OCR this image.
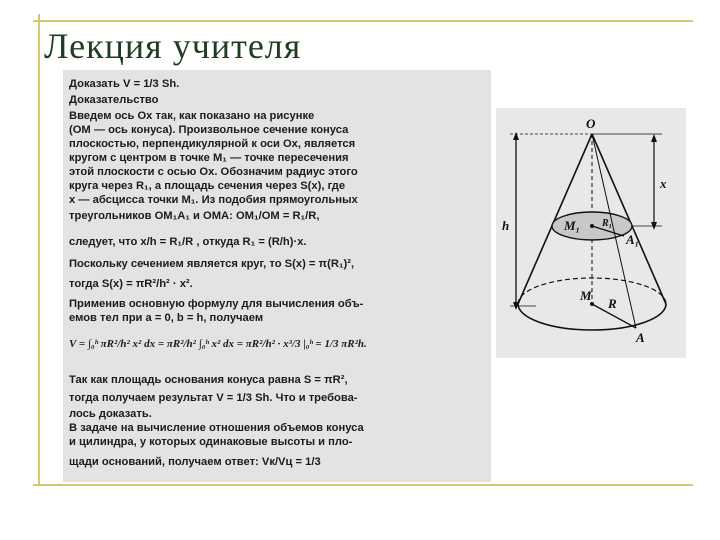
Лекция учителя
Доказать V = 1/3 Sh.
Доказательство
Введем ось Ox так, как показано на рисунке
(OM — ось конуса). Произвольное сечение конуса
плоскостью, перпендикулярной к оси Ox, является
кругом с центром в точке M₁ — точке пересечения
этой плоскости с осью Ox. Обозначим радиус этого
круга через R₁, а площадь сечения через S(x), где
x — абсцисса точки M₁. Из подобия прямоугольных
треугольников OM₁A₁ и OMA: OM₁/OM = R₁/R,
следует, что x/h = R₁/R , откуда R₁ = (R/h)·x.
Поскольку сечением является круг, то S(x) = π(R₁)²,
тогда S(x) = πR²/h² · x².
Применив основную формулу для вычисления объ-
емов тел при a = 0, b = h, получаем
V = ∫₀ʰ πR²/h² x² dx = πR²/h² ∫₀ʰ x² dx = πR²/h² · x³/3 |₀ʰ = 1/3 πR²h.
Так как площадь основания конуса равна S = πR²,
тогда получаем результат V = 1/3 Sh. Что и требова-
лось доказать.
В задаче на вычисление отношения объемов конуса
и цилиндра, у которых одинаковые высоты и пло-
щади оснований, получаем ответ: Vк/Vц = 1/3
O
h
x
M₁ R₁
A₁
M
R
A
